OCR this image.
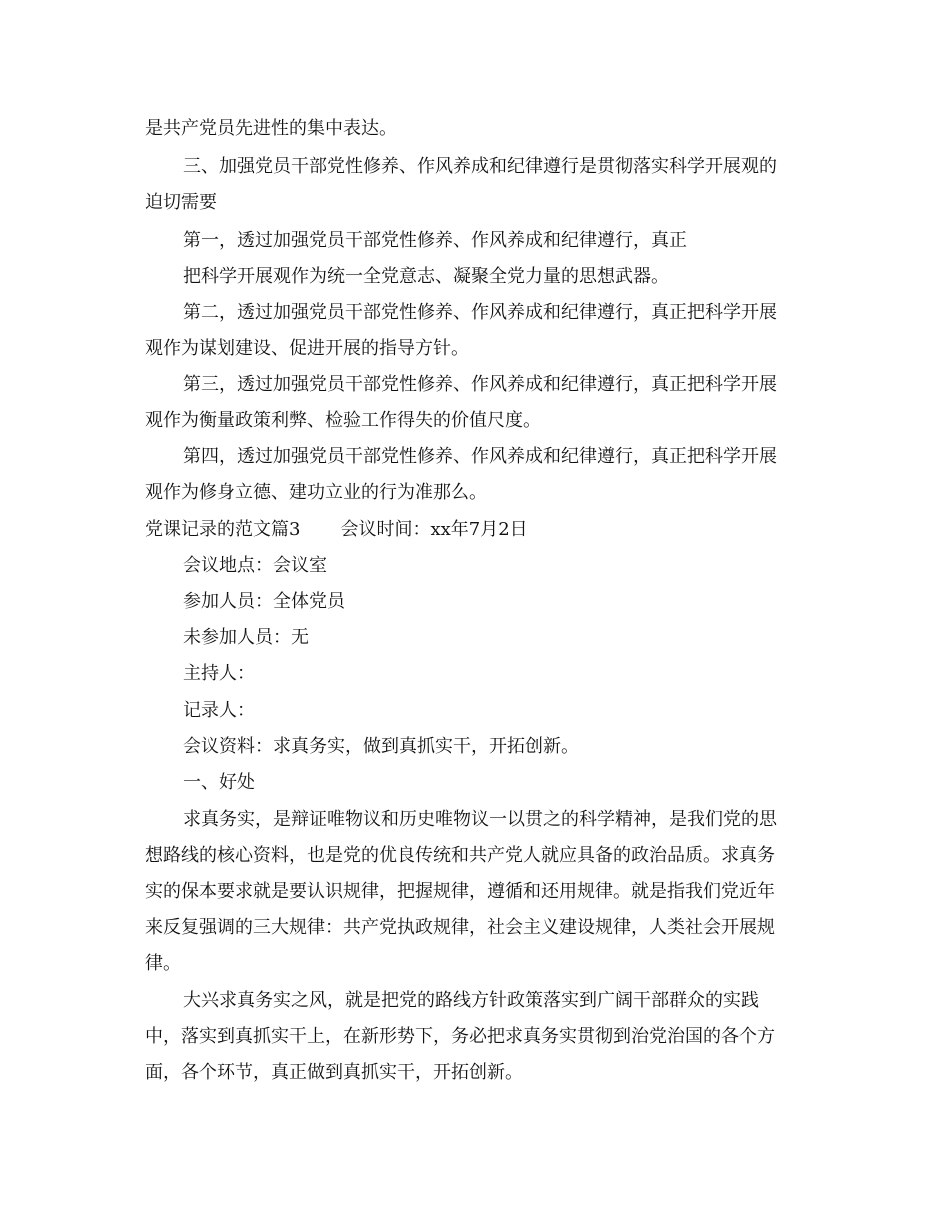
是共产党员先进性的集中表达。
三、加强党员干部党性修养、作风养成和纪律遵行是贯彻落实科学开展观的
迫切需要
第一，透过加强党员干部党性修养、作风养成和纪律遵行，真正
把科学开展观作为统一全党意志、凝聚全党力量的思想武器。
第二，透过加强党员干部党性修养、作风养成和纪律遵行，真正把科学开展
观作为谋划建设、促进开展的指导方针。
第三，透过加强党员干部党性修养、作风养成和纪律遵行，真正把科学开展
观作为衡量政策利弊、检验工作得失的价值尺度。
第四，透过加强党员干部党性修养、作风养成和纪律遵行，真正把科学开展
观作为修身立德、建功立业的行为准那么。
党课记录的范文篇3 会议时间：xx年7月2日
会议地点：会议室
参加人员：全体党员
未参加人员：无
主持人：
记录人：
会议资料：求真务实，做到真抓实干，开拓创新。
一、好处
求真务实，是辩证唯物议和历史唯物议一以贯之的科学精神，是我们党的思
想路线的核心资料，也是党的优良传统和共产党人就应具备的政治品质。求真务
实的保本要求就是要认识规律，把握规律，遵循和还用规律。就是指我们党近年
来反复强调的三大规律：共产党执政规律，社会主义建设规律，人类社会开展规
律。
大兴求真务实之风，就是把党的路线方针政策落实到广阔干部群众的实践
中，落实到真抓实干上，在新形势下，务必把求真务实贯彻到治党治国的各个方
面，各个环节，真正做到真抓实干，开拓创新。
